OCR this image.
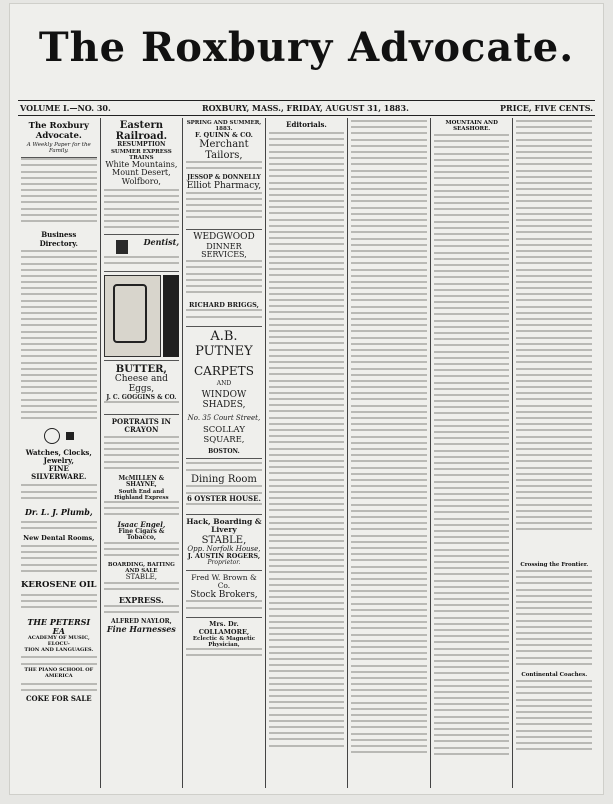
The Roxbury Advocate.
VOLUME I.—NO. 30.	ROXBURY, MASS., FRIDAY, AUGUST 31, 1883.	PRICE, FIVE CENTS.
The Roxbury Advocate.
A Weekly Paper for the Family.
Business Directory.
Watches, Clocks, Jewelry,
FINE SILVERWARE.
Dr. L. J. Plumb,
New Dental Rooms,
KEROSENE OIL
THE PETERSI EA
ACADEMY OF MUSIC, ELOCU-
TION AND LANGUAGES.
THE PIANO SCHOOL OF AMERICA
COKE FOR SALE
Eastern Railroad.
RESUMPTION
SUMMER EXPRESS TRAINS
White Mountains,
Mount Desert,
Wolfboro,
Dentist,
BUTTER,
Cheese and Eggs,
J. C. GOGGINS & CO.
PORTRAITS IN CRAYON
McMILLEN & SHAYNE,
South End and Highland Express
Isaac Engel,
Fine Cigars & Tobacco,
BOARDING, BAITING AND SALE
STABLE,
EXPRESS.
ALFRED NAYLOR,
Fine Harnesses
SPRING AND SUMMER, 1883.
F. QUINN & CO.
Merchant Tailors,
JESSOP & DONNELLY
Elliot Pharmacy,
WEDGWOOD
DINNER SERVICES,
RICHARD BRIGGS,
A.B. PUTNEY
CARPETS
AND
WINDOW SHADES,
No. 35 Court Street,
SCOLLAY SQUARE,
BOSTON.
Dining Room
6 OYSTER HOUSE.
Hack, Boarding & Livery
STABLE,
Opp. Norfolk House,
J. AUSTIN ROGERS,
Proprietor.
Fred W. Brown & Co.
Stock Brokers,
Mrs. Dr. COLLAMORE,
Eclectic & Magnetic Physician,
Editorials.	MOUNTAIN AND SEASHORE.
Crossing the Frontier.
Continental Coaches.
